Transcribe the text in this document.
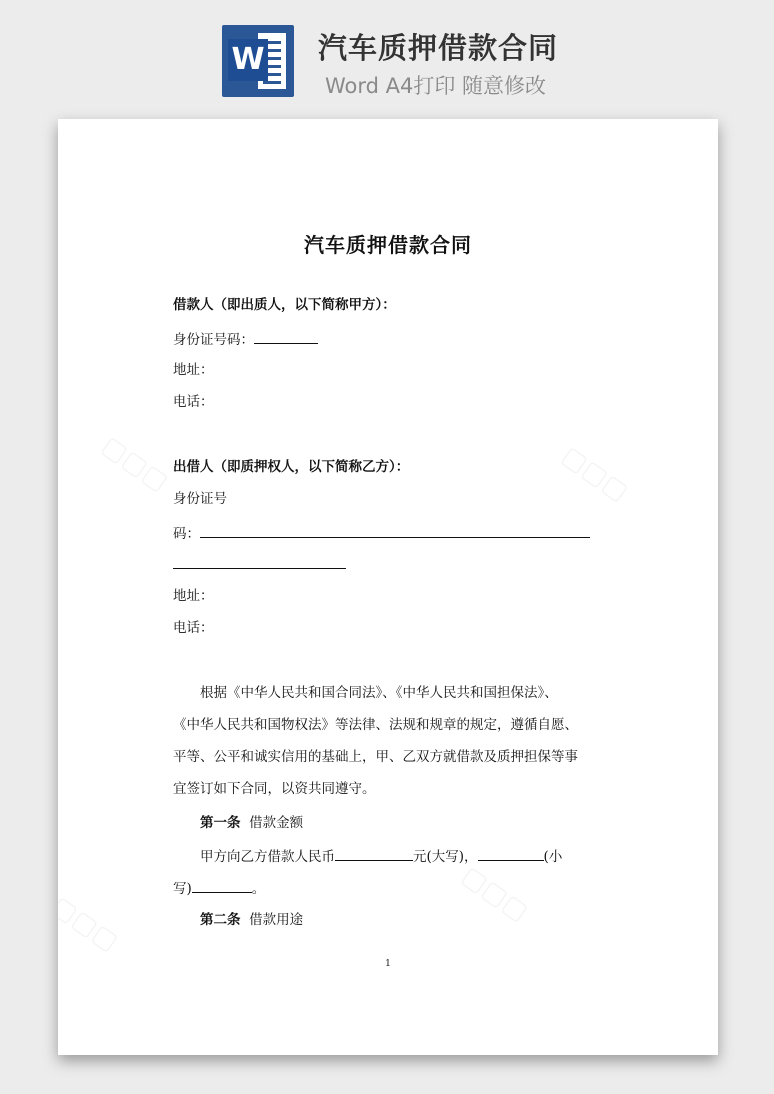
W 汽车质押借款合同
Word A4打印 随意修改
汽车质押借款合同
借款人（即出质人，以下简称甲方）：
身份证号码：
地址：
电话：
出借人（即质押权人，以下简称乙方）：
身份证号
码：
地址：
电话：
根据《中华人民共和国合同法》、《中华人民共和国担保法》、
《中华人民共和国物权法》等法律、法规和规章的规定，遵循自愿、
平等、公平和诚实信用的基础上，甲、乙双方就借款及质押担保等事
宜签订如下合同，以资共同遵守。
第一条 借款金额
甲方向乙方借款人民币	元(大写)，	(小
写)	。
第二条 借款用途
1
